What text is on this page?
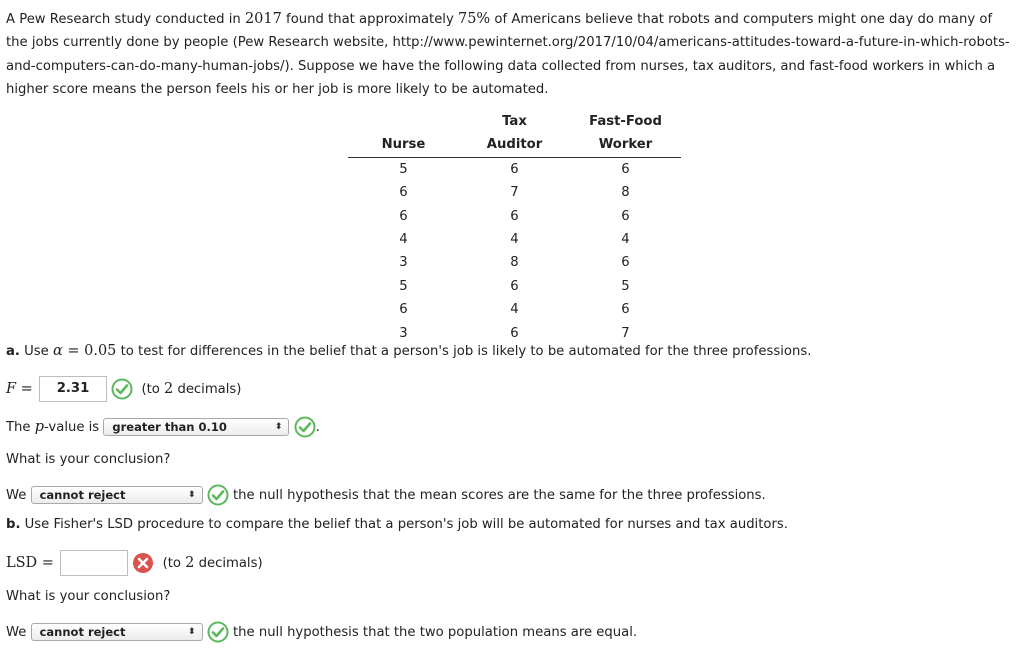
A Pew Research study conducted in 2017 found that approximately 75% of Americans believe that robots and computers might one day do many of the jobs currently done by people (Pew Research website, http://www.pewinternet.org/2017/10/04/americans-attitudes-toward-a-future-in-which-robots-and-computers-can-do-many-human-jobs/). Suppose we have the following data collected from nurses, tax auditors, and fast-food workers in which a higher score means the person feels his or her job is more likely to be automated.
	Tax	Fast-Food
Nurse	Auditor	Worker
5	6	6
6	7	8
6	6	6
4	4	4
3	8	6
5	6	5
6	4	6
3	6	7
a. Use α = 0.05 to test for differences in the belief that a person's job is likely to be automated for the three professions.
F = 2.31	(to 2 decimals)
The p-value is greater than 0.10	⬍
	.
What is your conclusion?
We cannot reject	⬍
	the null hypothesis that the mean scores are the same for the three professions.
b. Use Fisher's LSD procedure to compare the belief that a person's job will be automated for nurses and tax auditors.
LSD =	(to 2 decimals)
What is your conclusion?
We cannot reject	⬍
	the null hypothesis that the two population means are equal.
